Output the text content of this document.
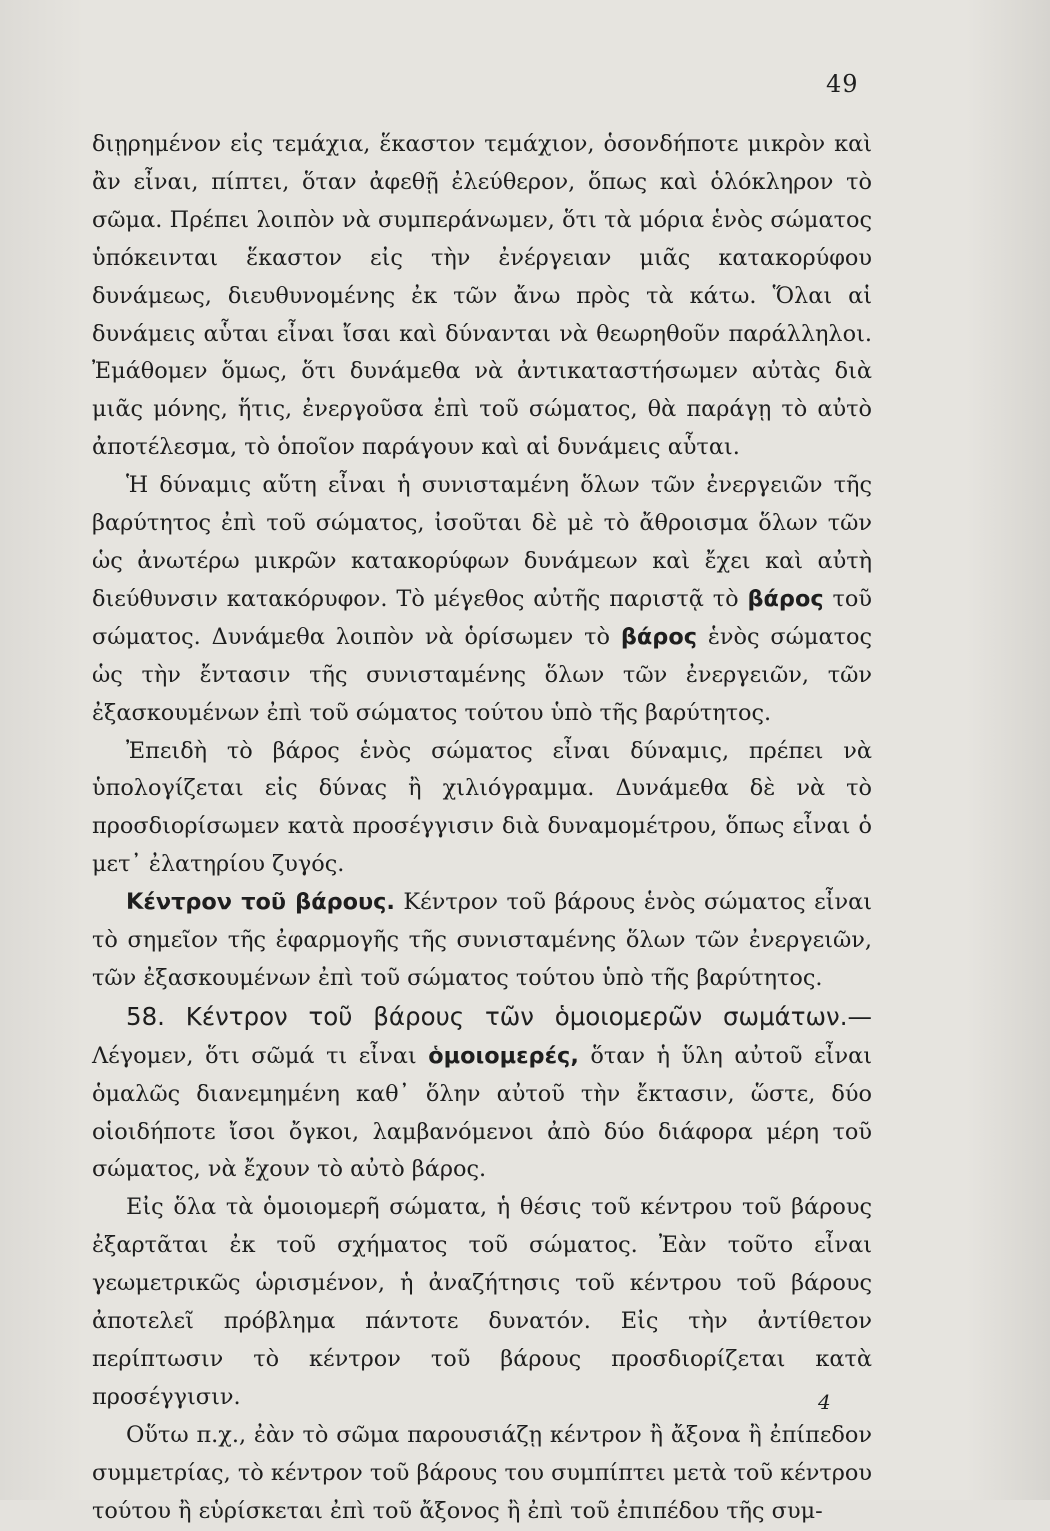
49

διῃρημένον εἰς τεμάχια, ἕκαστον τεμάχιον, ὁσονδήποτε μικρὸν καὶ ἂν εἶναι, πίπτει, ὅταν ἀφεθῇ ἐλεύθερον, ὅπως καὶ ὁλόκληρον τὸ σῶμα. Πρέπει λοιπὸν νὰ συμπεράνωμεν, ὅτι τὰ μόρια ἑνὸς σώματος ὑπόκεινται ἕκαστον εἰς τὴν ἐνέργειαν μιᾶς κατακορύφου δυνάμεως, διευθυνομένης ἐκ τῶν ἄνω πρὸς τὰ κάτω. Ὅλαι αἱ δυνάμεις αὗται εἶναι ἴσαι καὶ δύνανται νὰ θεωρηθοῦν παράλληλοι. Ἐμάθομεν ὅμως, ὅτι δυνάμεθα νὰ ἀντικαταστήσωμεν αὐτὰς διὰ μιᾶς μόνης, ἥτις, ἐνεργοῦσα ἐπὶ τοῦ σώματος, θὰ παράγῃ τὸ αὐτὸ ἀποτέλεσμα, τὸ ὁποῖον παράγουν καὶ αἱ δυνάμεις αὗται.

Ἡ δύναμις αὕτη εἶναι ἡ συνισταμένη ὅλων τῶν ἐνεργειῶν τῆς βαρύτητος ἐπὶ τοῦ σώματος, ἰσοῦται δὲ μὲ τὸ ἄθροισμα ὅλων τῶν ὡς ἀνωτέρω μικρῶν κατακορύφων δυνάμεων καὶ ἔχει καὶ αὐτὴ διεύθυνσιν κατακόρυφον. Τὸ μέγεθος αὐτῆς παριστᾷ τὸ βάρος τοῦ σώματος. Δυνάμεθα λοιπὸν νὰ ὁρίσωμεν τὸ βάρος ἑνὸς σώματος ὡς τὴν ἔντασιν τῆς συνισταμένης ὅλων τῶν ἐνεργειῶν, τῶν ἐξασκουμένων ἐπὶ τοῦ σώματος τούτου ὑπὸ τῆς βαρύτητος.

Ἐπειδὴ τὸ βάρος ἑνὸς σώματος εἶναι δύναμις, πρέπει νὰ ὑπολογίζεται εἰς δύνας ἢ χιλιόγραμμα. Δυνάμεθα δὲ νὰ τὸ προσδιορίσωμεν κατὰ προσέγγισιν διὰ δυναμομέτρου, ὅπως εἶναι ὁ μετ᾽ ἐλατηρίου ζυγός.

Κέντρον τοῦ βάρους. Κέντρον τοῦ βάρους ἑνὸς σώματος εἶναι τὸ σημεῖον τῆς ἐφαρμογῆς τῆς συνισταμένης ὅλων τῶν ἐνεργειῶν, τῶν ἐξασκουμένων ἐπὶ τοῦ σώματος τούτου ὑπὸ τῆς βαρύτητος.

58. Κέντρον τοῦ βάρους τῶν ὁμοιομερῶν σωμάτων.— Λέγομεν, ὅτι σῶμά τι εἶναι ὁμοιομερές, ὅταν ἡ ὕλη αὐτοῦ εἶναι ὁμαλῶς διανεμημένη καθ᾽ ὅλην αὐτοῦ τὴν ἔκτασιν, ὥστε, δύο οἱοιδήποτε ἴσοι ὄγκοι, λαμβανόμενοι ἀπὸ δύο διάφορα μέρη τοῦ σώματος, νὰ ἔχουν τὸ αὐτὸ βάρος.

Εἰς ὅλα τὰ ὁμοιομερῆ σώματα, ἡ θέσις τοῦ κέντρου τοῦ βάρους ἐξαρτᾶται ἐκ τοῦ σχήματος τοῦ σώματος. Ἐὰν τοῦτο εἶναι γεωμετρικῶς ὡρισμένον, ἡ ἀναζήτησις τοῦ κέντρου τοῦ βάρους ἀποτελεῖ πρόβλημα πάντοτε δυνατόν. Εἰς τὴν ἀντίθετον περίπτωσιν τὸ κέντρον τοῦ βάρους προσδιορίζεται κατὰ προσέγγισιν.

Οὕτω π.χ., ἐὰν τὸ σῶμα παρουσιάζῃ κέντρον ἢ ἄξονα ἢ ἐπίπεδον συμμετρίας, τὸ κέντρον τοῦ βάρους του συμπίπτει μετὰ τοῦ κέντρου τούτου ἢ εὑρίσκεται ἐπὶ τοῦ ἄξονος ἢ ἐπὶ τοῦ ἐπιπέδου τῆς συμ-

4
